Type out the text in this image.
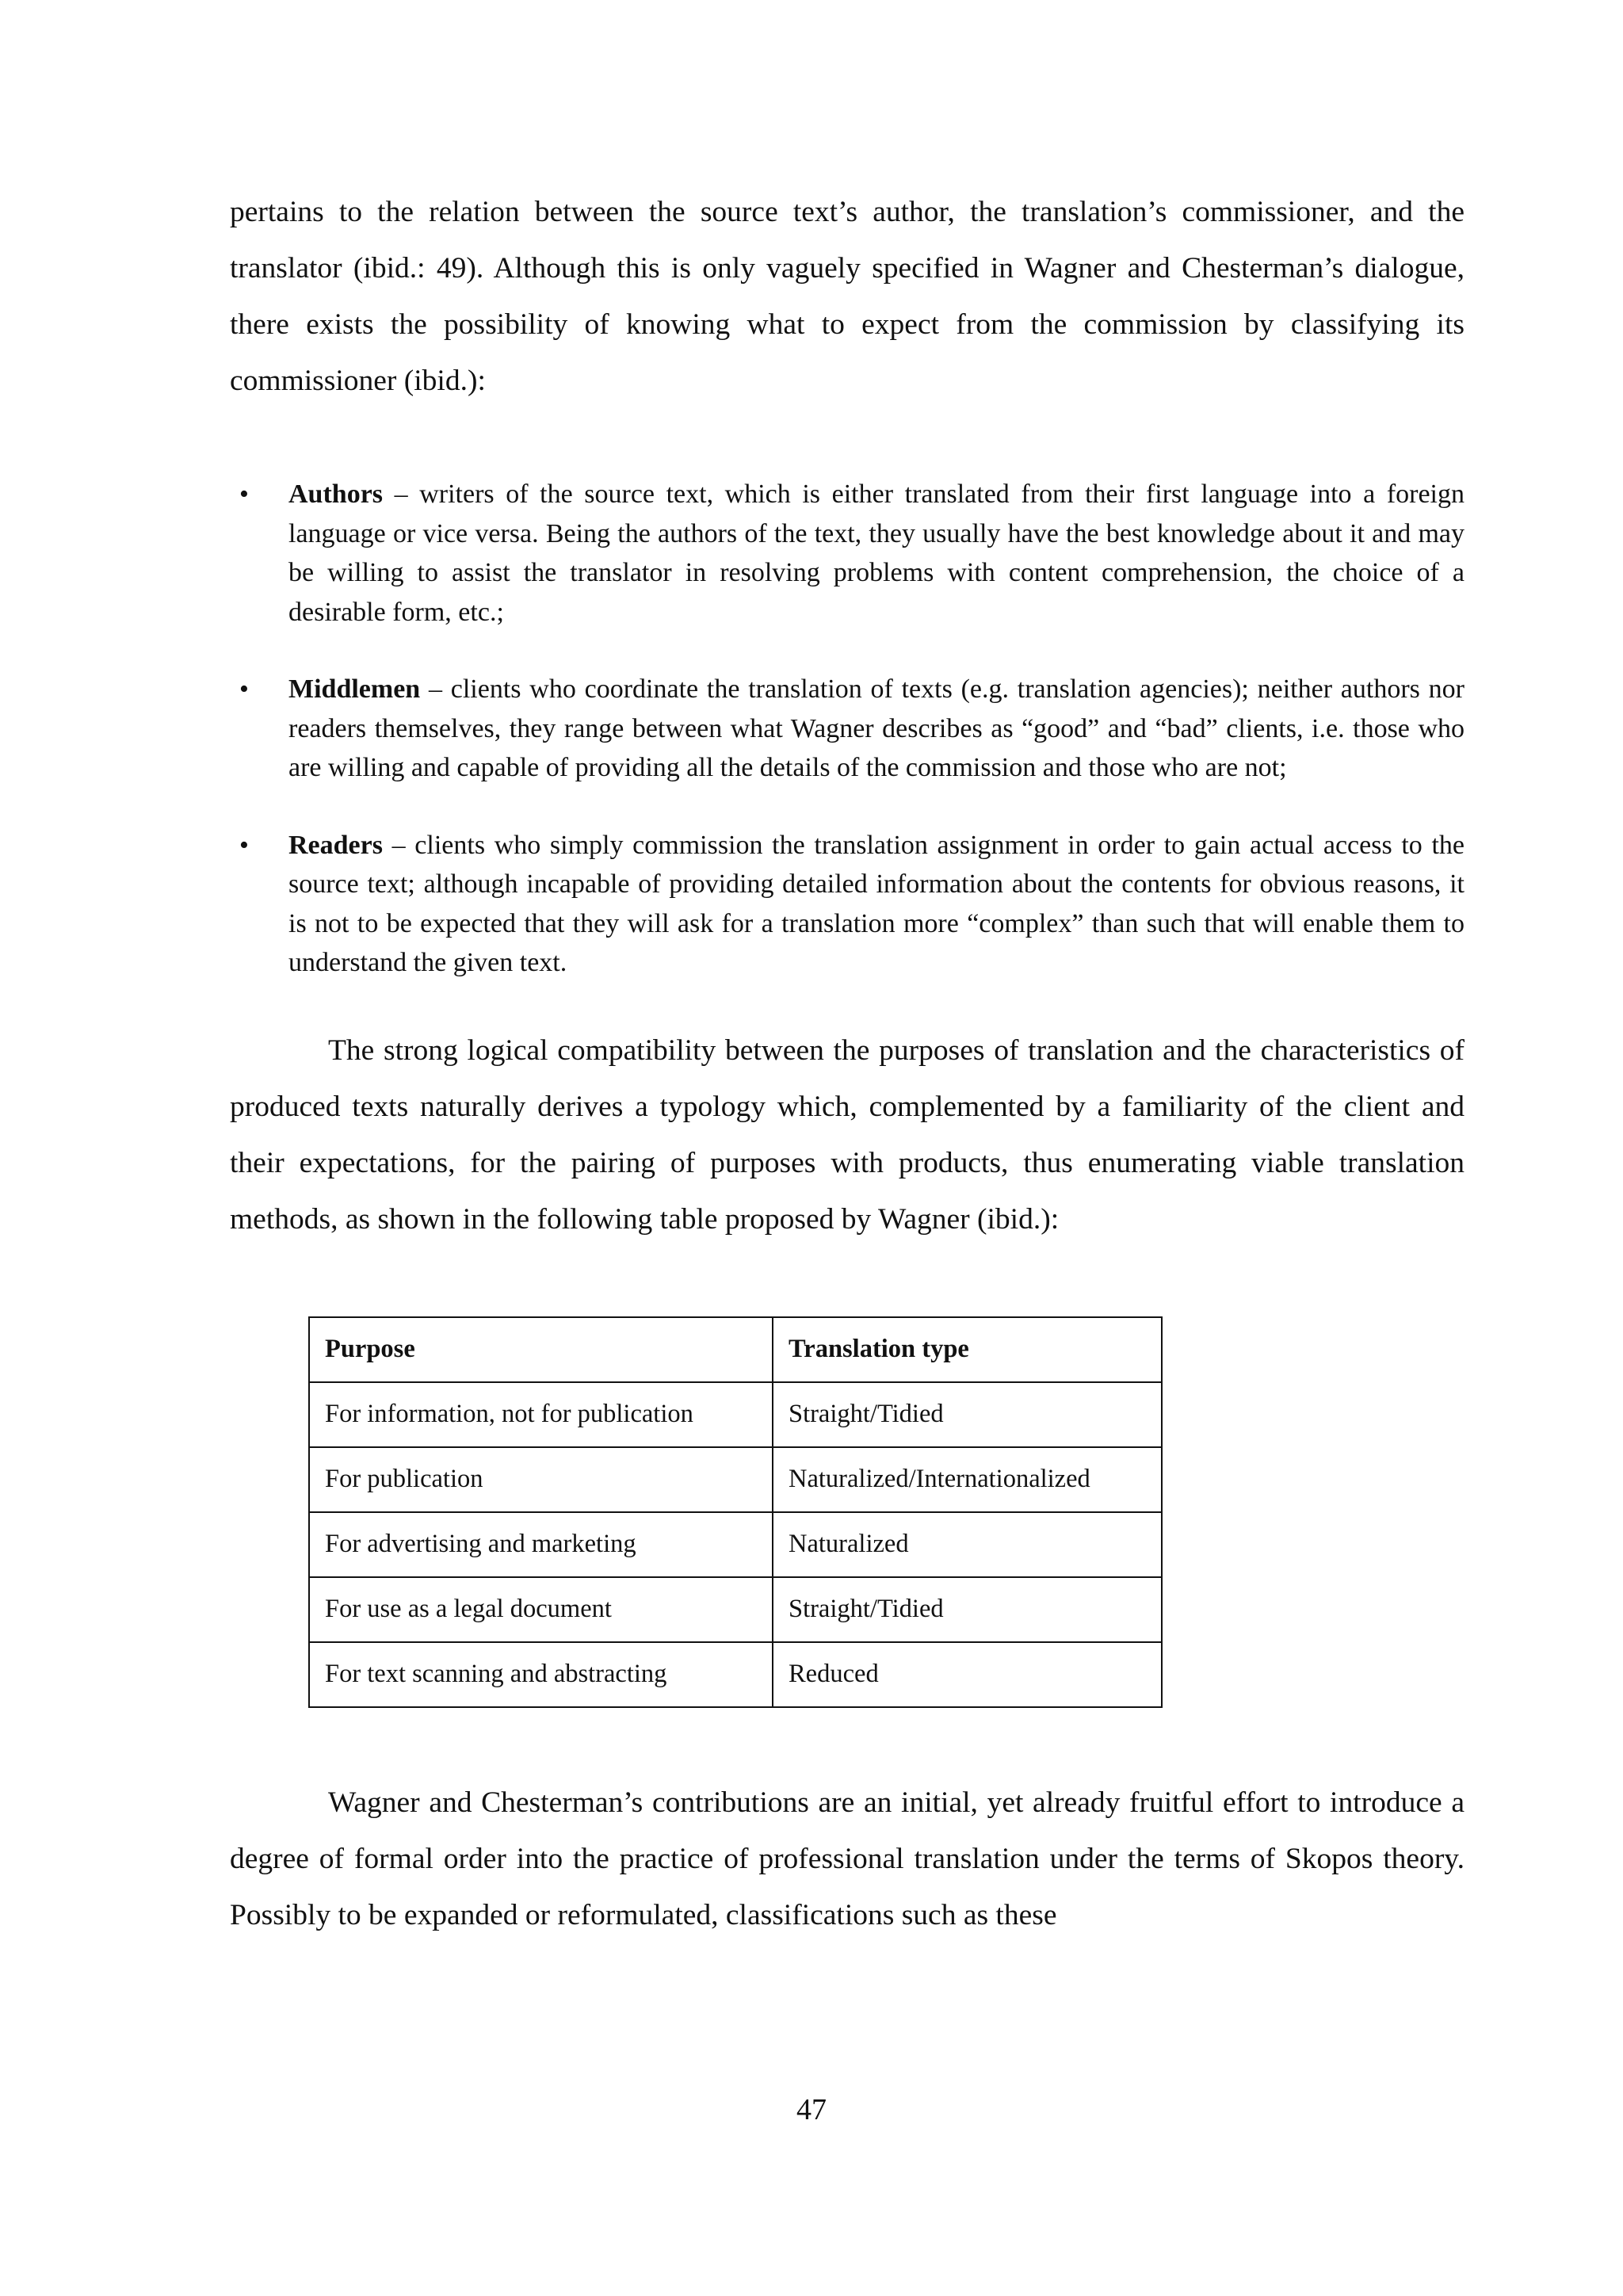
pertains to the relation between the source text’s author, the translation’s commissioner, and the translator (ibid.: 49). Although this is only vaguely specified in Wagner and Chesterman’s dialogue, there exists the possibility of knowing what to expect from the commission by classifying its commissioner (ibid.):

• Authors – writers of the source text, which is either translated from their first language into a foreign language or vice versa. Being the authors of the text, they usually have the best knowledge about it and may be willing to assist the translator in resolving problems with content comprehension, the choice of a desirable form, etc.;
• Middlemen – clients who coordinate the translation of texts (e.g. translation agencies); neither authors nor readers themselves, they range between what Wagner describes as “good” and “bad” clients, i.e. those who are willing and capable of providing all the details of the commission and those who are not;
• Readers – clients who simply commission the translation assignment in order to gain actual access to the source text; although incapable of providing detailed information about the contents for obvious reasons, it is not to be expected that they will ask for a translation more “complex” than such that will enable them to understand the given text.

The strong logical compatibility between the purposes of translation and the characteristics of produced texts naturally derives a typology which, complemented by a familiarity of the client and their expectations, for the pairing of purposes with products, thus enumerating viable translation methods, as shown in the following table proposed by Wagner (ibid.):

Purpose	Translation type
For information, not for publication	Straight/Tidied
For publication	Naturalized/Internationalized
For advertising and marketing	Naturalized
For use as a legal document	Straight/Tidied
For text scanning and abstracting	Reduced

Wagner and Chesterman’s contributions are an initial, yet already fruitful effort to introduce a degree of formal order into the practice of professional translation under the terms of Skopos theory. Possibly to be expanded or reformulated, classifications such as these

47
